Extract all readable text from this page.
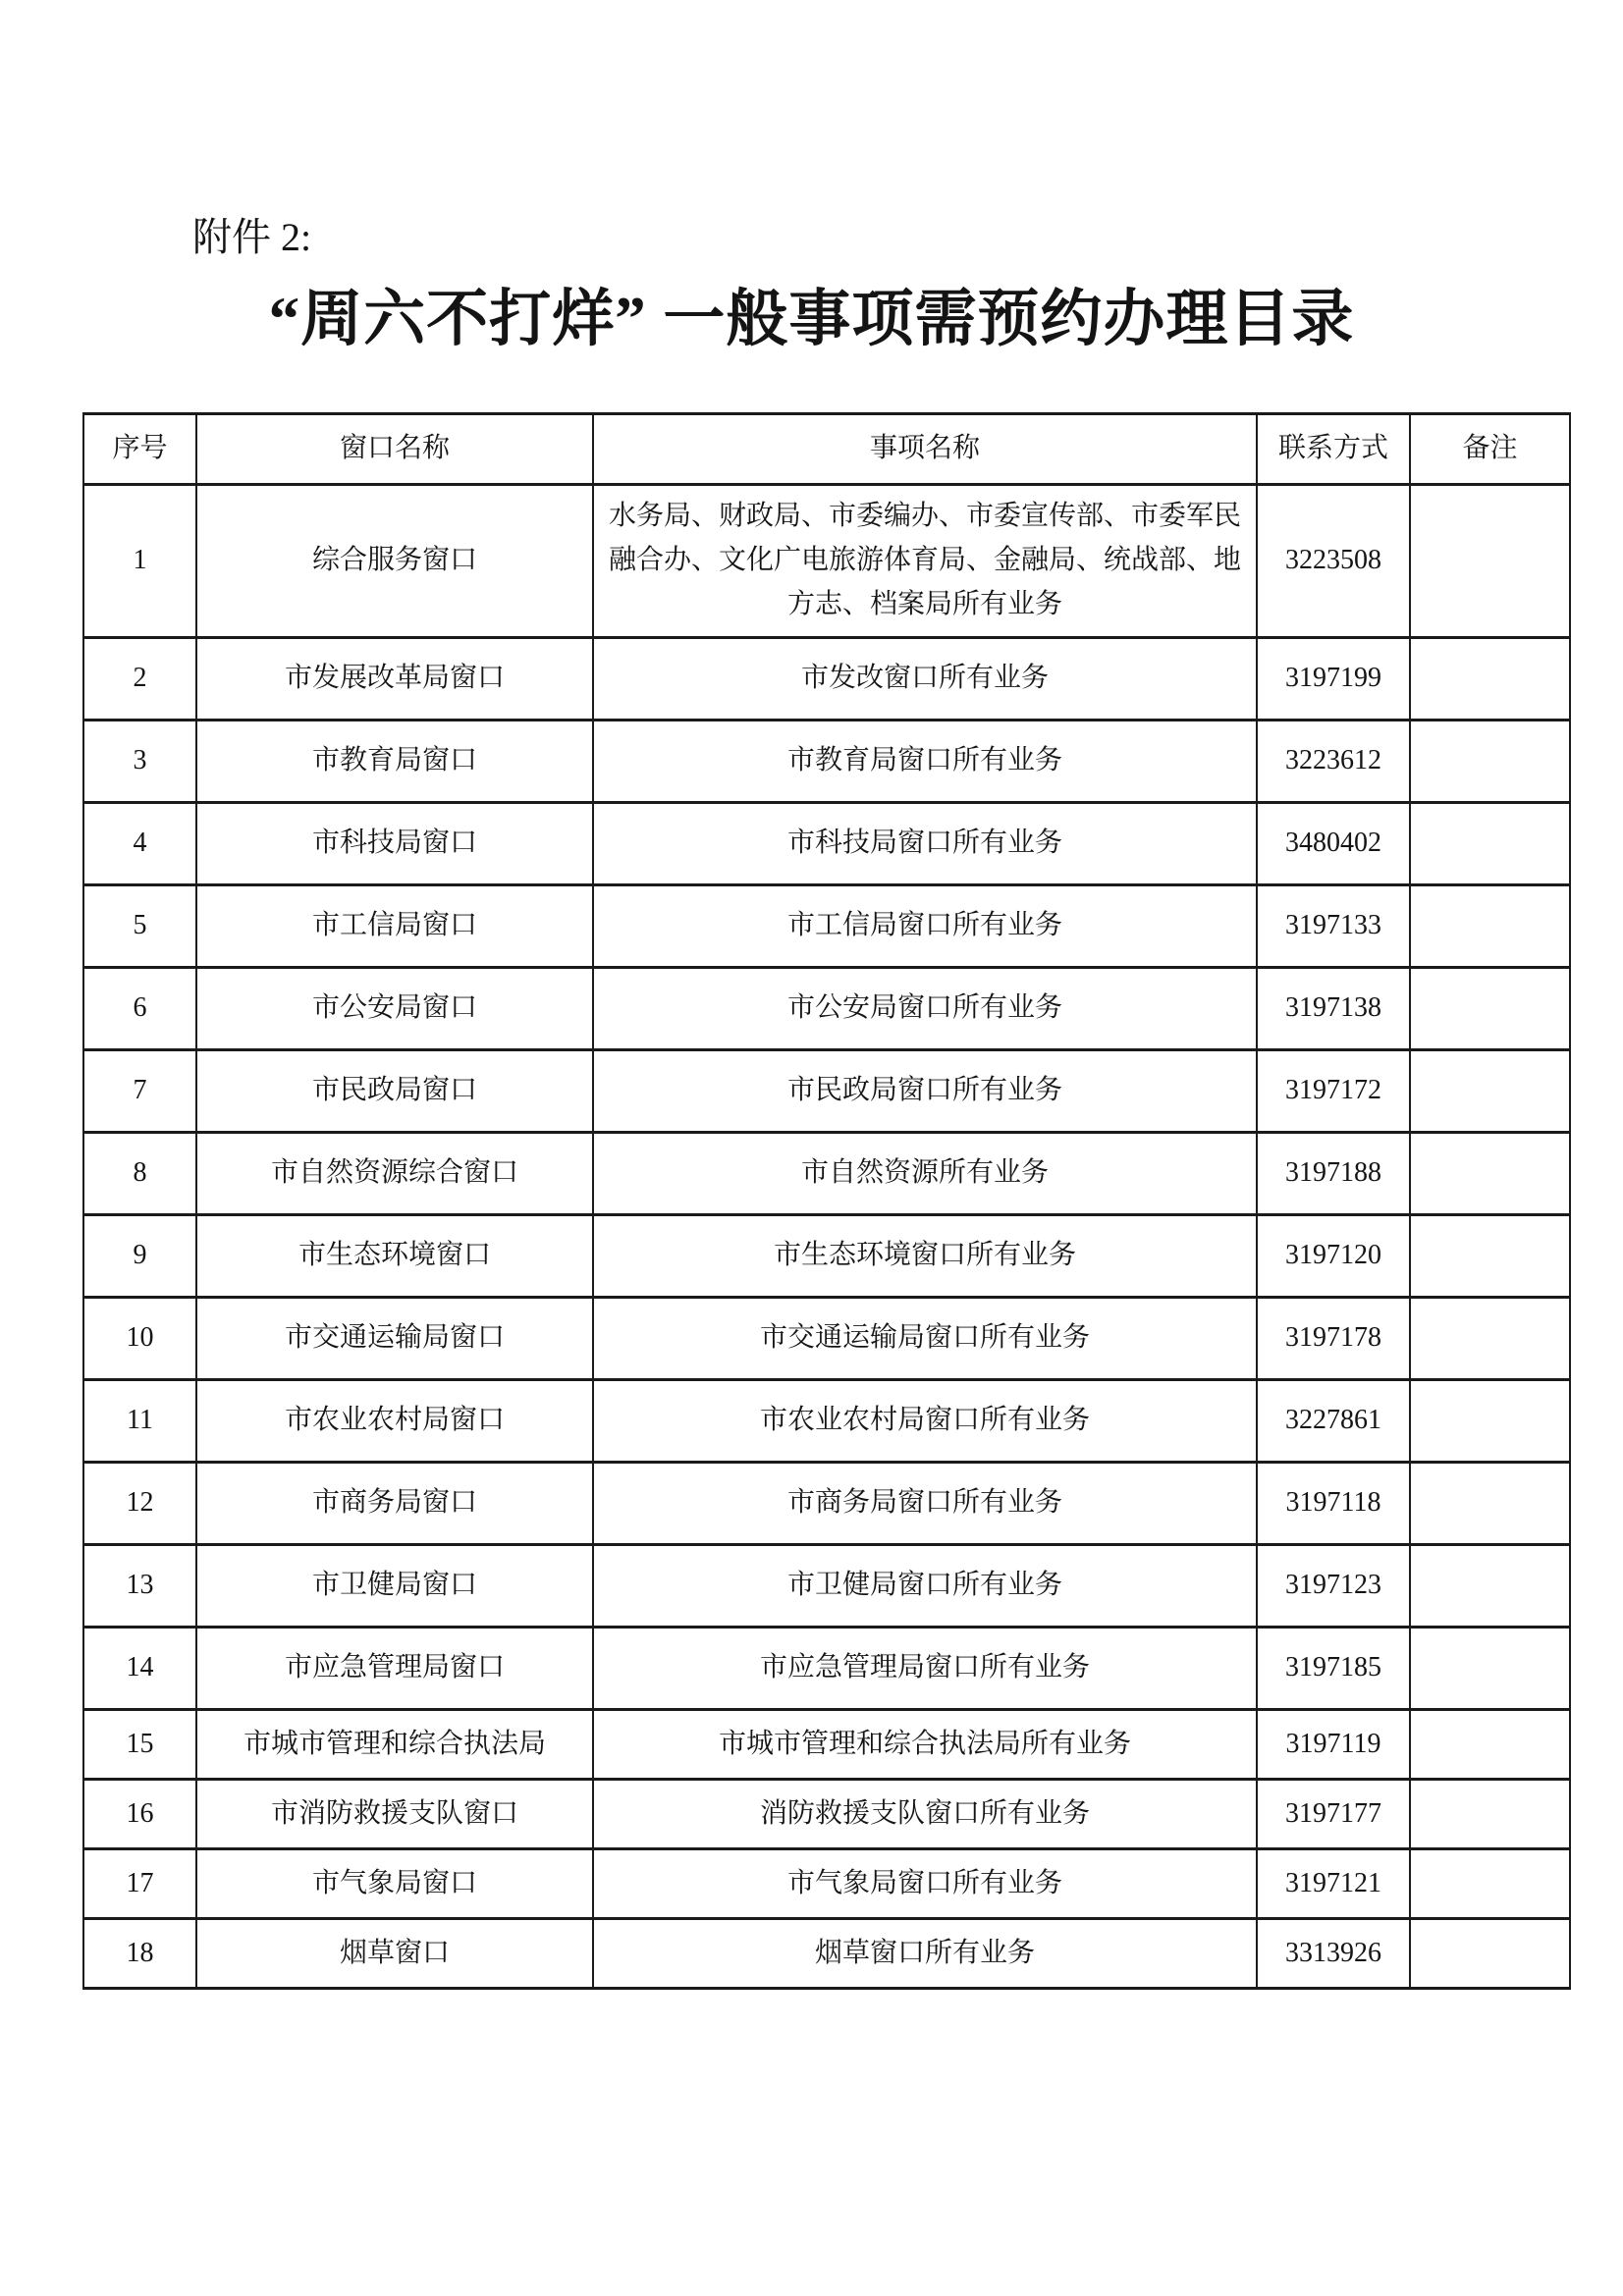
附件 2:
“周六不打烊” 一般事项需预约办理目录
序号	窗口名称	事项名称	联系方式	备注
1	综合服务窗口	水务局、财政局、市委编办、市委宣传部、市委军民融合办、文化广电旅游体育局、金融局、统战部、地方志、档案局所有业务	3223508	
2	市发展改革局窗口	市发改窗口所有业务	3197199	
3	市教育局窗口	市教育局窗口所有业务	3223612	
4	市科技局窗口	市科技局窗口所有业务	3480402	
5	市工信局窗口	市工信局窗口所有业务	3197133	
6	市公安局窗口	市公安局窗口所有业务	3197138	
7	市民政局窗口	市民政局窗口所有业务	3197172	
8	市自然资源综合窗口	市自然资源所有业务	3197188	
9	市生态环境窗口	市生态环境窗口所有业务	3197120	
10	市交通运输局窗口	市交通运输局窗口所有业务	3197178	
11	市农业农村局窗口	市农业农村局窗口所有业务	3227861	
12	市商务局窗口	市商务局窗口所有业务	3197118	
13	市卫健局窗口	市卫健局窗口所有业务	3197123	
14	市应急管理局窗口	市应急管理局窗口所有业务	3197185	
15	市城市管理和综合执法局	市城市管理和综合执法局所有业务	3197119	
16	市消防救援支队窗口	消防救援支队窗口所有业务	3197177	
17	市气象局窗口	市气象局窗口所有业务	3197121	
18	烟草窗口	烟草窗口所有业务	3313926	
